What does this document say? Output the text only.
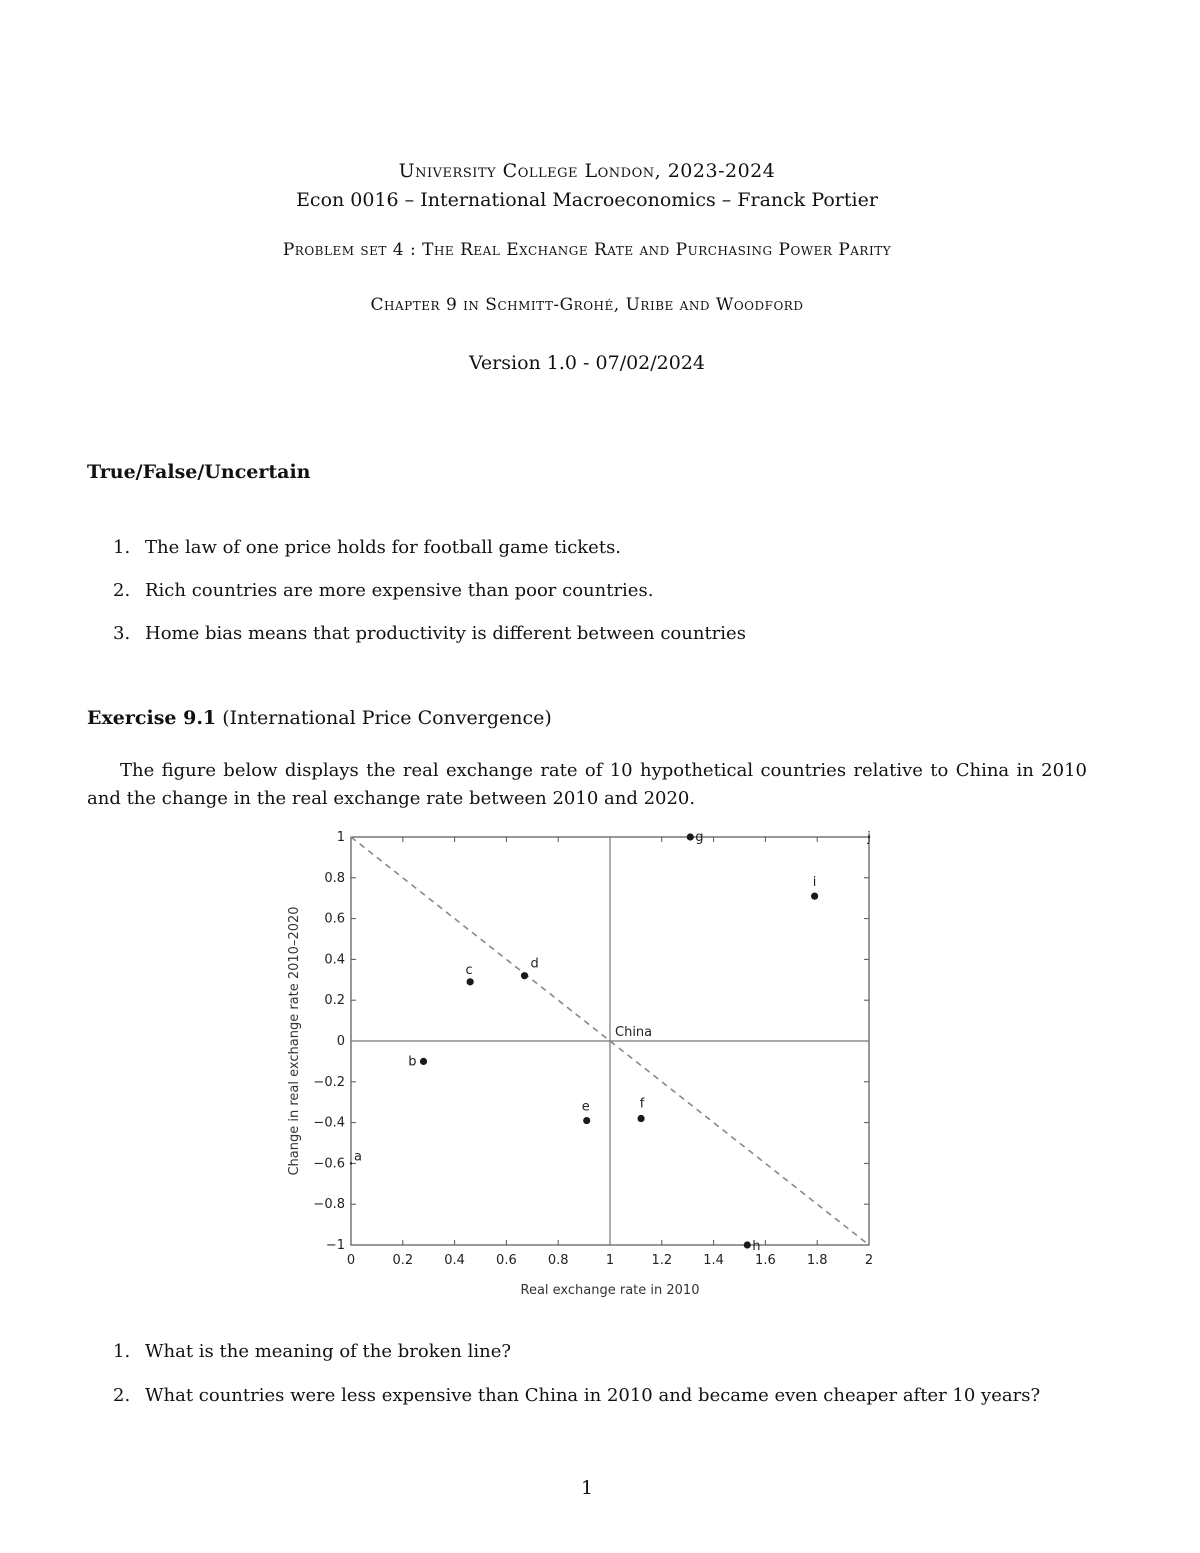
University College London, 2023-2024
Econ 0016 – International Macroeconomics – Franck Portier
Problem set 4 : The Real Exchange Rate and Purchasing Power Parity
Chapter 9 in Schmitt-Grohé, Uribe and Woodford
Version 1.0 - 07/02/2024
True/False/Uncertain
1. The law of one price holds for football game tickets.
2. Rich countries are more expensive than poor countries.
3. Home bias means that productivity is different between countries
Exercise 9.1 (International Price Convergence)
The figure below displays the real exchange rate of 10 hypothetical countries relative to China in 2010 and the change in the real exchange rate between 2010 and 2020.
0	0.2 0.4 0.6 0.8	1	1.2 1.4 1.6 1.8	2
−1
−0.8
−0.6
−0.4
−0.2
0
0.2
0.4
0.6
0.8
1
China
a
b
c	d
e	f
g
h
i
j
Real exchange rate in 2010
Change in real exchange rate 2010–2020
1. What is the meaning of the broken line?
2. What countries were less expensive than China in 2010 and became even cheaper after 10 years?
1
